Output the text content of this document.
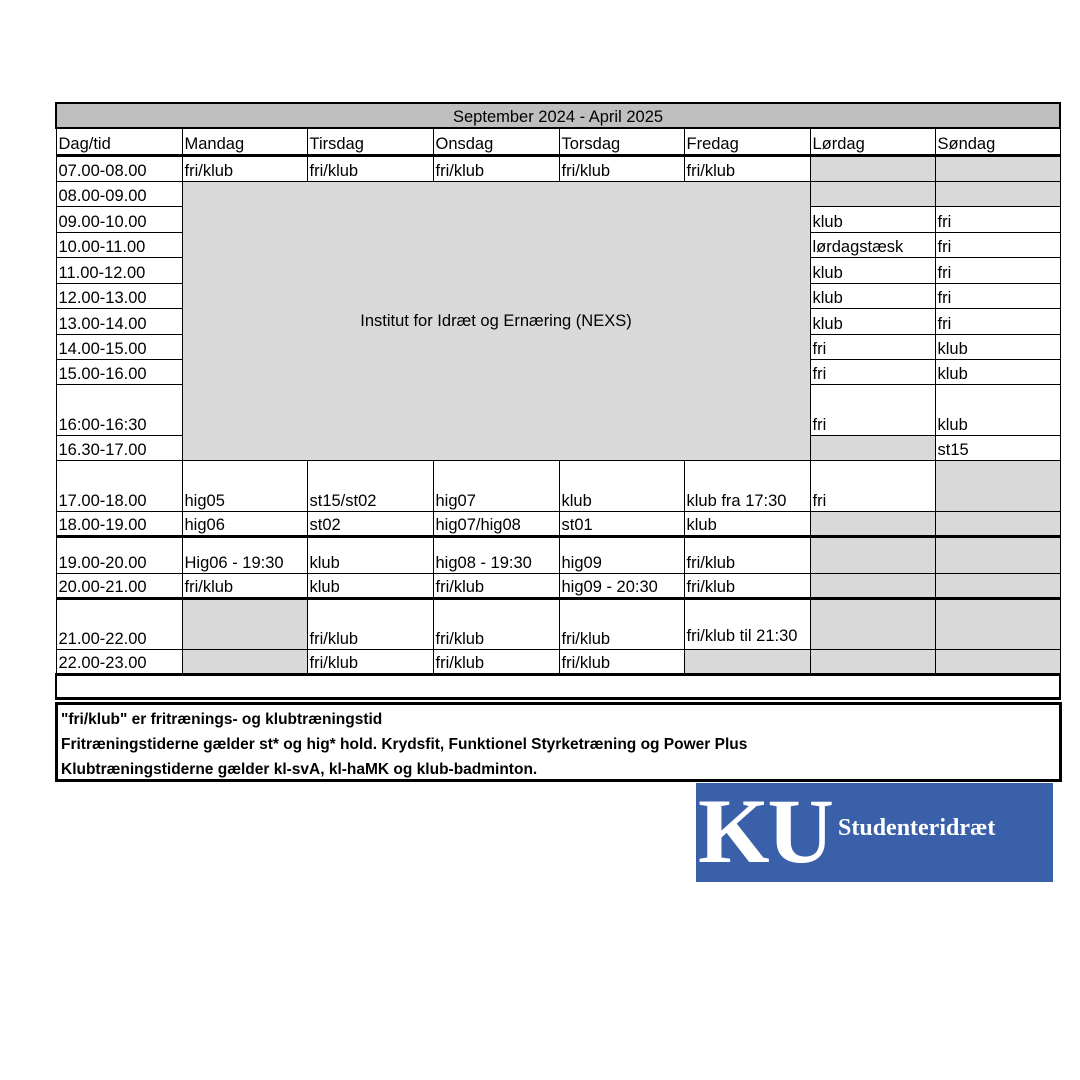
September 2024 - April 2025								
Dag/tid	Mandag	Tirsdag	Onsdag	Torsdag	Fredag	Lørdag	Søndag	
07.00-08.00	fri/klub	fri/klub	fri/klub	fri/klub	fri/klub			
08.00-09.00	Institut for Idræt og Ernæring (NEXS)							
09.00-10.00						klub	fri	
10.00-11.00						lørdagstæsk	fri	
11.00-12.00						klub	fri	
12.00-13.00						klub	fri	
13.00-14.00						klub	fri	
14.00-15.00						fri	klub	
15.00-16.00						fri	klub	
16:00-16:30						fri	klub	
16.30-17.00							st15					
17.00-18.00	hig05	st15/st02	hig07	klub	klub fra 17:30	fri		
18.00-19.00	hig06	st02	hig07/hig08	st01	klub			
19.00-20.00	Hig06 - 19:30	klub	hig08 - 19:30	hig09	fri/klub			
20.00-21.00	fri/klub	klub	fri/klub	hig09 - 20:30	fri/klub			
21.00-22.00		fri/klub	fri/klub	fri/klub	fri/klub til 21:30			
22.00-23.00		fri/klub	fri/klub	fri/klub				

"fri/klub" er fritrænings- og klubtræningstid
Fritræningstiderne gælder st* og hig* hold. Krydsfit, Funktionel Styrketræning og Power Plus
Klubtræningstiderne gælder kl-svA, kl-haMK og klub-badminton.
KU Studenteridræt
